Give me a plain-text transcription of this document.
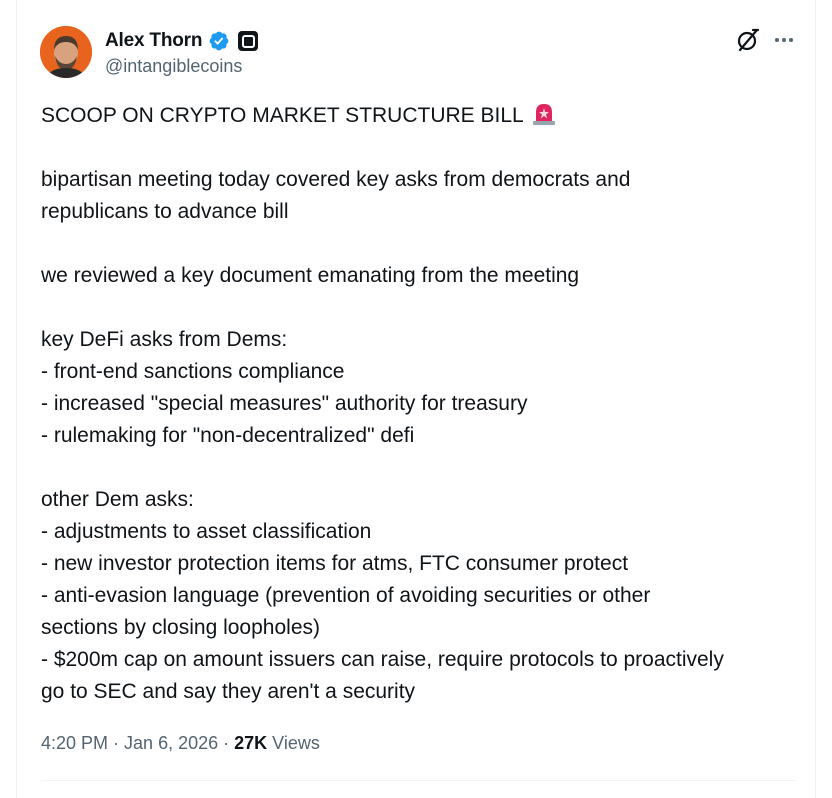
Alex Thorn
@intangiblecoins

SCOOP ON CRYPTO MARKET STRUCTURE BILL

bipartisan meeting today covered key asks from democrats and
republicans to advance bill

we reviewed a key document emanating from the meeting

key DeFi asks from Dems:
- front-end sanctions compliance
- increased "special measures" authority for treasury
- rulemaking for "non-decentralized" defi

other Dem asks:
- adjustments to asset classification
- new investor protection items for atms, FTC consumer protect
- anti-evasion language (prevention of avoiding securities or other
sections by closing loopholes)
- $200m cap on amount issuers can raise, require protocols to proactively
go to SEC and say they aren't a security

4:20 PM · Jan 6, 2026 · 27K Views
